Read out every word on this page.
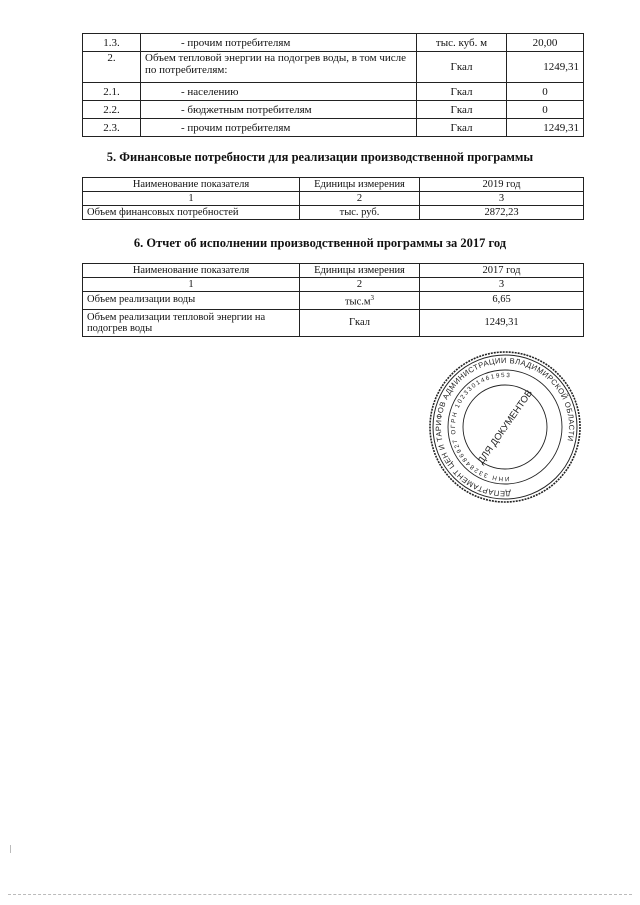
1.3.	- прочим потребителям	тыс. куб. м	20,00
2.	Объем тепловой энергии на подогрев воды, в том числе по потребителям:	Гкал	1249,31
2.1.	- населению	Гкал	0
2.2.	- бюджетным потребителям	Гкал	0
2.3.	- прочим потребителям	Гкал	1249,31
5. Финансовые потребности для реализации производственной программы
Наименование показателя	Единицы измерения	2019 год
1	2	3
Объем финансовых потребностей	тыс. руб.	2872,23
6. Отчет об исполнении производственной программы за 2017 год
Наименование показателя	Единицы измерения	2017 год
1	2	3
Объем реализации воды	$тыс.м^3$	6,65
Объем реализации тепловой энергии на подогрев воды	Гкал	1249,31
ДЕПАРТАМЕНТ ЦЕН И ТАРИФОВ АДМИНИСТРАЦИИ ВЛАДИМИРСКОЙ ОБЛАСТИ
ИНН 3328486927 ОГРН 1023301461953
ДЛЯ ДОКУМЕНТОВ
